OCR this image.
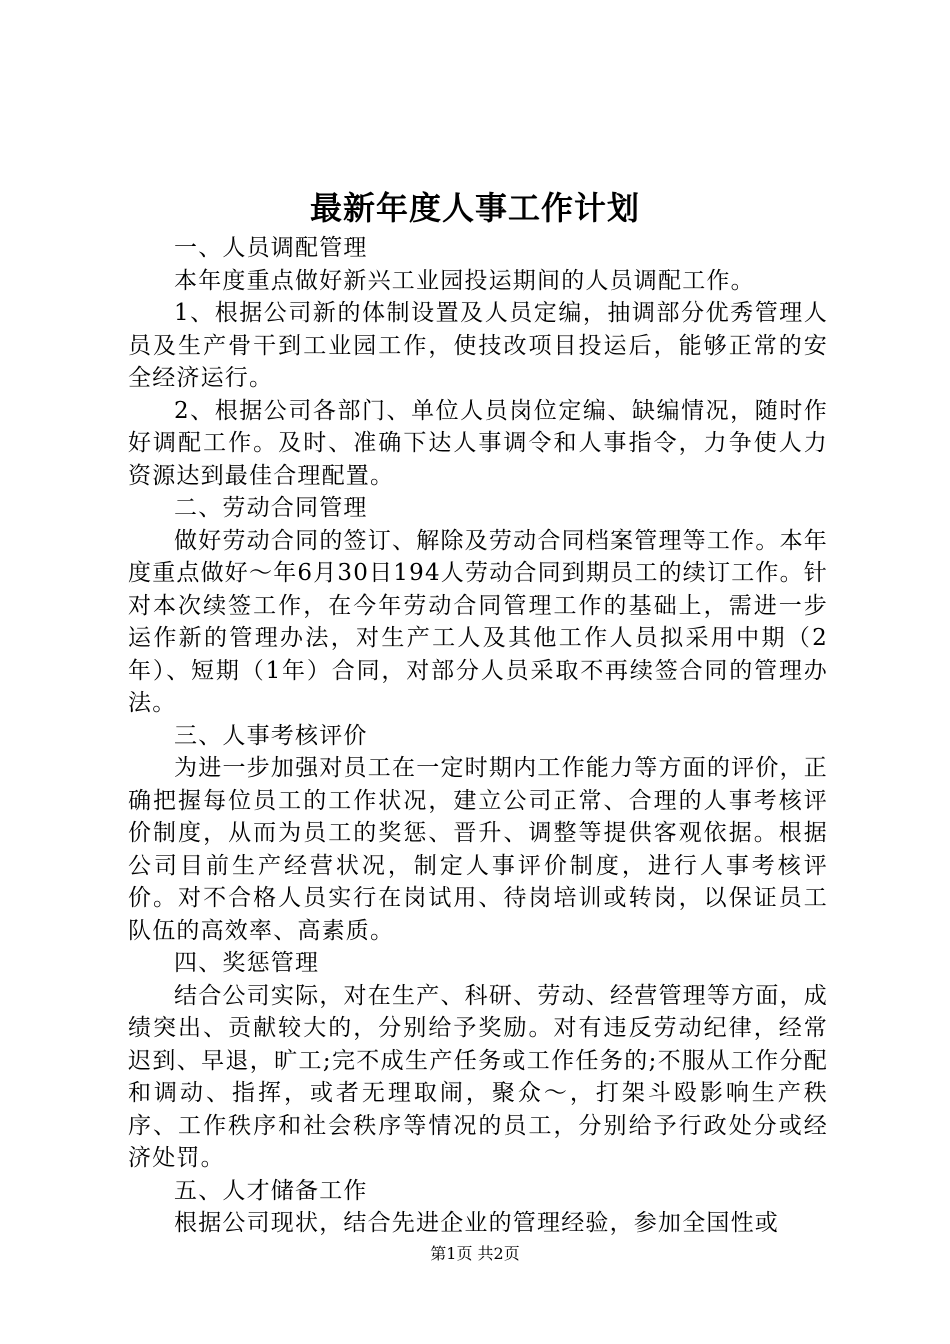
最新年度人事工作计划

一、人员调配管理

本年度重点做好新兴工业园投运期间的人员调配工作。

1、根据公司新的体制设置及人员定编，抽调部分优秀管理人员及生产骨干到工业园工作，使技改项目投运后，能够正常的安全经济运行。

2、根据公司各部门、单位人员岗位定编、缺编情况，随时作好调配工作。及时、准确下达人事调令和人事指令，力争使人力资源达到最佳合理配置。

二、劳动合同管理

做好劳动合同的签订、解除及劳动合同档案管理等工作。本年度重点做好～年6月30日194人劳动合同到期员工的续订工作。针对本次续签工作，在今年劳动合同管理工作的基础上，需进一步运作新的管理办法，对生产工人及其他工作人员拟采用中期（2年）、短期（1年）合同，对部分人员采取不再续签合同的管理办法。

三、人事考核评价

为进一步加强对员工在一定时期内工作能力等方面的评价，正确把握每位员工的工作状况，建立公司正常、合理的人事考核评价制度，从而为员工的奖惩、晋升、调整等提供客观依据。根据公司目前生产经营状况，制定人事评价制度，进行人事考核评价。对不合格人员实行在岗试用、待岗培训或转岗，以保证员工队伍的高效率、高素质。

四、奖惩管理

结合公司实际，对在生产、科研、劳动、经营管理等方面，成绩突出、贡献较大的，分别给予奖励。对有违反劳动纪律，经常迟到、早退，旷工;完不成生产任务或工作任务的;不服从工作分配和调动、指挥，或者无理取闹，聚众～，打架斗殴影响生产秩序、工作秩序和社会秩序等情况的员工，分别给予行政处分或经济处罚。

五、人才储备工作

根据公司现状，结合先进企业的管理经验，参加全国性或

第1页 共2页
